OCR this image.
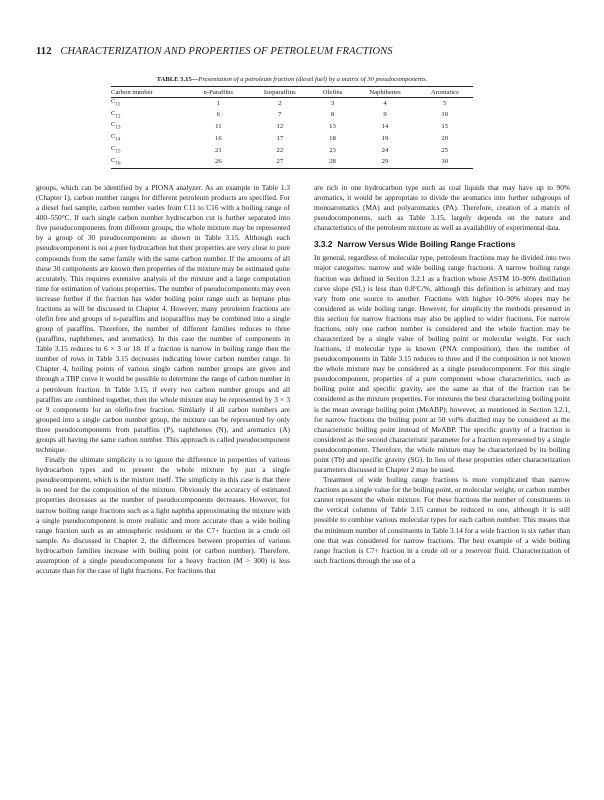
112 CHARACTERIZATION AND PROPERTIES OF PETROLEUM FRACTIONS
TABLE 3.15—Presentation of a petroleum fraction (diesel fuel) by a matrix of 30 pseudocomponents.
Carbon number	n-Paraffins	Isoparaffins	Olefins	Naphthenes	Aromatics
$C_{11}$	1	2	3	4	5
$C_{12}$	6	7	8	9	10
$C_{13}$	11	12	13	14	15
$C_{14}$	16	17	18	19	20
$C_{15}$	21	22	23	24	25
$C_{16}$	26	27	28	29	30

groups, which can be identified by a PIONA analyzer. As an example in Table 1.3 (Chapter 1), carbon number ranges for different petroleum products are specified. For a diesel fuel sample, carbon number varies from C11 to C16 with a boiling range of 400–550°C. If each single carbon number hydrocarbon cut is further separated into five pseudocomponents from different groups, the whole mixture may be represented by a group of 30 pseudocomponents as shown in Table 3.15. Although each pseudocomponent is not a pure hydrocarbon but their properties are very close to pure compounds from the same family with the same carbon number. If the amounts of all these 30 components are known then properties of the mixture may be estimated quite accurately. This requires extensive analysis of the mixture and a large computation time for estimation of various properties. The number of pseudocomponents may even increase further if the fraction has wider boiling point range such as heptane plus fractions as will be discussed in Chapter 4. However, many petroleum fractions are olefin free and groups of n-paraffins and isoparaffins may be combined into a single group of paraffins. Therefore, the number of different families reduces to three (paraffins, naphthenes, and aromatics). In this case the number of components in Table 3.15 reduces to 6 × 3 or 18. If a fraction is narrow in boiling range then the number of rows in Table 3.15 decreases indicating lower carbon number range. In Chapter 4, boiling points of various single carbon number groups are given and through a TBP curve it would be possible to determine the range of carbon number in a petroleum fraction. In Table 3.15, if every two carbon number groups and all paraffins are combined together, then the whole mixture may be represented by 3 × 3 or 9 components for an olefin-free fraction. Similarly if all carbon numbers are grouped into a single carbon number group, the mixture can be represented by only three pseudocomponents from paraffins (P), naphthenes (N), and aromatics (A) groups all having the same carbon number. This approach is called pseudocomponent technique.

Finally the ultimate simplicity is to ignore the difference in properties of various hydrocarbon types and to present the whole mixture by just a single pseudocomponent, which is the mixture itself. The simplicity in this case is that there is no need for the composition of the mixture. Obviously the accuracy of estimated properties decreases as the number of pseudocomponents decreases. However, for narrow boiling range fractions such as a light naphtha approximating the mixture with a single pseudocomponent is more realistic and more accurate than a wide boiling range fraction such as an atmospheric residuum or the C7+ fraction in a crude oil sample. As discussed in Chapter 2, the differences between properties of various hydrocarbon families increase with boiling point (or carbon number). Therefore, assumption of a single pseudocomponent for a heavy fraction (M > 300) is less accurate than for the case of light fractions. For fractions that

are rich in one hydrocarbon type such as coal liquids that may have up to 90% aromatics, it would be appropriate to divide the aromatics into further subgroups of monoaromatics (MA) and polyaromatics (PA). Therefore, creation of a matrix of pseudocomponents, such as Table 3.15, largely depends on the nature and characteristics of the petroleum mixture as well as availability of experimental data.

3.3.2 Narrow Versus Wide Boiling Range Fractions

In general, regardless of molecular type, petroleum fractions may be divided into two major categories: narrow and wide boiling range fractions. A narrow boiling range fraction was defined in Section 3.2.1 as a fraction whose ASTM 10–90% distillation curve slope (SL) is less than 0.8°C/%, although this definition is arbitrary and may vary from one source to another. Fractions with higher 10–90% slopes may be considered as wide boiling range. However, for simplicity the methods presented in this section for narrow fractions may also be applied to wider fractions. For narrow fractions, only one carbon number is considered and the whole fraction may be characterized by a single value of boiling point or molecular weight. For such fractions, if molecular type is known (PNA composition), then the number of pseudocomponents in Table 3.15 reduces to three and if the composition is not known the whole mixture may be considered as a single pseudocomponent. For this single pseudocomponent, properties of a pure component whose characteristics, such as boiling point and specific gravity, are the same as that of the fraction can be considered as the mixture properties. For mixtures the best characterizing boiling point is the mean average boiling point (MeABP); however, as mentioned in Section 3.2.1, for narrow fractions the boiling point at 50 vol% distilled may be considered as the characteristic boiling point instead of MeABP. The specific gravity of a fraction is considered as the second characteristic parameter for a fraction represented by a single pseudocomponent. Therefore, the whole mixture may be characterized by its boiling point (Tb) and specific gravity (SG). In lieu of these properties other characterization parameters discussed in Chapter 2 may be used.

Treatment of wide boiling range fractions is more complicated than narrow fractions as a single value for the boiling point, or molecular weight, or carbon number cannot represent the whole mixture. For these fractions the number of constituents in the vertical columns of Table 3.15 cannot be reduced to one, although it is still possible to combine various molecular types for each carbon number. This means that the minimum number of constituents in Table 3.14 for a wide fraction is six rather than one that was considered for narrow fractions. The best example of a wide boiling range fraction is C7+ fraction in a crude oil or a reservoir fluid. Characterization of such fractions through the use of a
